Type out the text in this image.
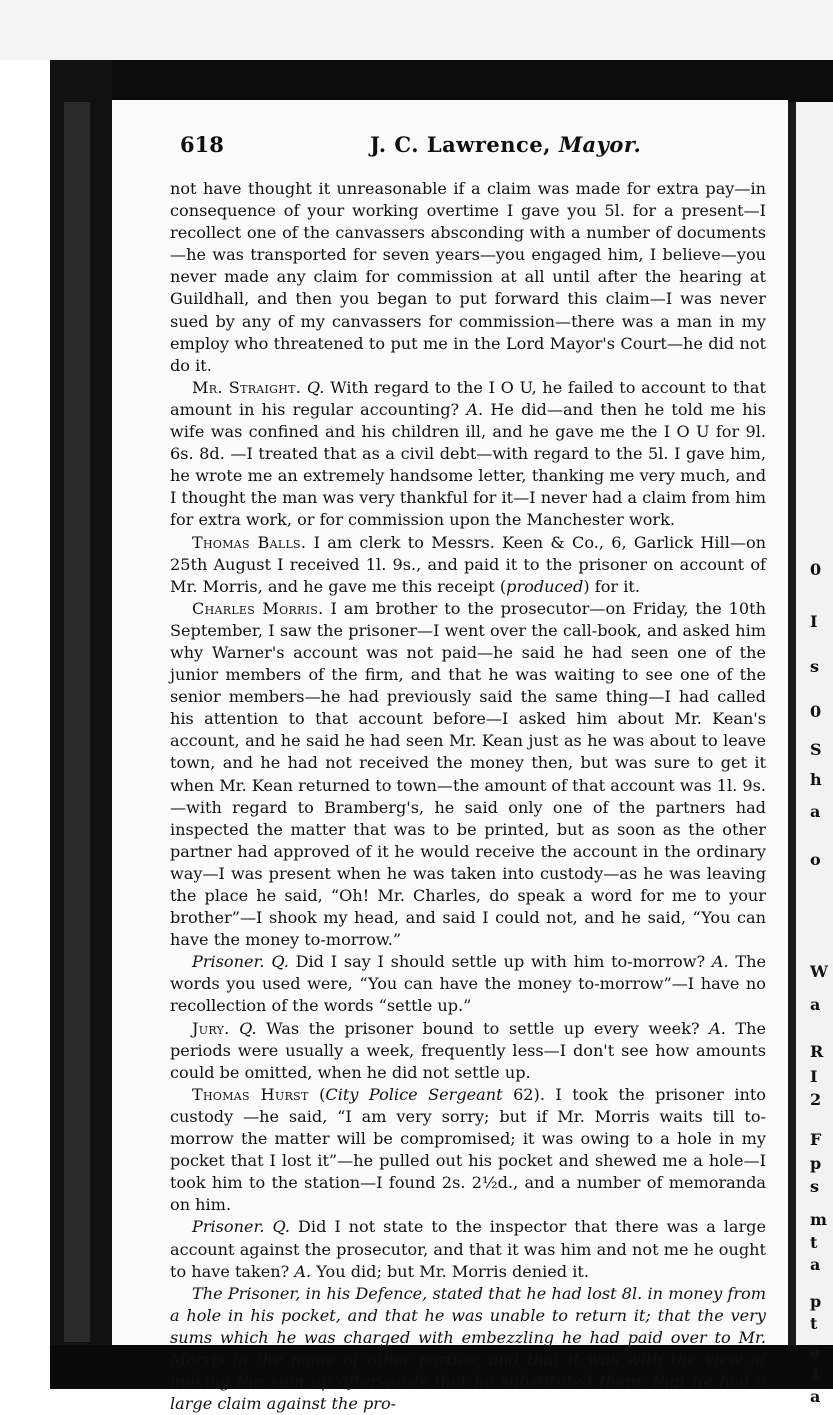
0
I
s
0
S
h
a
o
W
a
R
I
2
F
p
s
m
t
a
p
t
a
1
a
618	J. C. Lawrence, Mayor.

not have thought it unreasonable if a claim was made for extra pay—in consequence of your working overtime I gave you 5l. for a present—I recollect one of the canvassers absconding with a number of documents—he was transported for seven years—you engaged him, I believe—you never made any claim for commission at all until after the hearing at Guildhall, and then you began to put forward this claim—I was never sued by any of my canvassers for commission—there was a man in my employ who threatened to put me in the Lord Mayor's Court—he did not do it.

Mr. Straight. Q. With regard to the I O U, he failed to account to that amount in his regular accounting? A. He did—and then he told me his wife was confined and his children ill, and he gave me the I O U for 9l. 6s. 8d. —I treated that as a civil debt—with regard to the 5l. I gave him, he wrote me an extremely handsome letter, thanking me very much, and I thought the man was very thankful for it—I never had a claim from him for extra work, or for commission upon the Manchester work.

Thomas Balls. I am clerk to Messrs. Keen & Co., 6, Garlick Hill—on 25th August I received 1l. 9s., and paid it to the prisoner on account of Mr. Morris, and he gave me this receipt (produced) for it.

Charles Morris. I am brother to the prosecutor—on Friday, the 10th September, I saw the prisoner—I went over the call-book, and asked him why Warner's account was not paid—he said he had seen one of the junior members of the firm, and that he was waiting to see one of the senior members—he had previously said the same thing—I had called his attention to that account before—I asked him about Mr. Kean's account, and he said he had seen Mr. Kean just as he was about to leave town, and he had not received the money then, but was sure to get it when Mr. Kean returned to town—the amount of that account was 1l. 9s.—with regard to Bramberg's, he said only one of the partners had inspected the matter that was to be printed, but as soon as the other partner had approved of it he would receive the account in the ordinary way—I was present when he was taken into custody—as he was leaving the place he said, “Oh! Mr. Charles, do speak a word for me to your brother”—I shook my head, and said I could not, and he said, “You can have the money to-morrow.”

Prisoner. Q. Did I say I should settle up with him to-morrow? A. The words you used were, “You can have the money to-morrow”—I have no recollection of the words “settle up.”

Jury. Q. Was the prisoner bound to settle up every week? A. The periods were usually a week, frequently less—I don't see how amounts could be omitted, when he did not settle up.

Thomas Hurst (City Police Sergeant 62). I took the prisoner into custody —he said, “I am very sorry; but if Mr. Morris waits till to-morrow the matter will be compromised; it was owing to a hole in my pocket that I lost it”—he pulled out his pocket and shewed me a hole—I took him to the station—I found 2s. 2½d., and a number of memoranda on him.

Prisoner. Q. Did I not state to the inspector that there was a large account against the prosecutor, and that it was him and not me he ought to have taken? A. You did; but Mr. Morris denied it.

The Prisoner, in his Defence, stated that he had lost 8l. in money from a hole in his pocket, and that he was unable to return it; that the very sums which he was charged with embezzling he had paid over to Mr. Morris in the name of other parties; and that it was with the view of making the sum up afterwards that he substituted them; that he had a large claim against the pro-
